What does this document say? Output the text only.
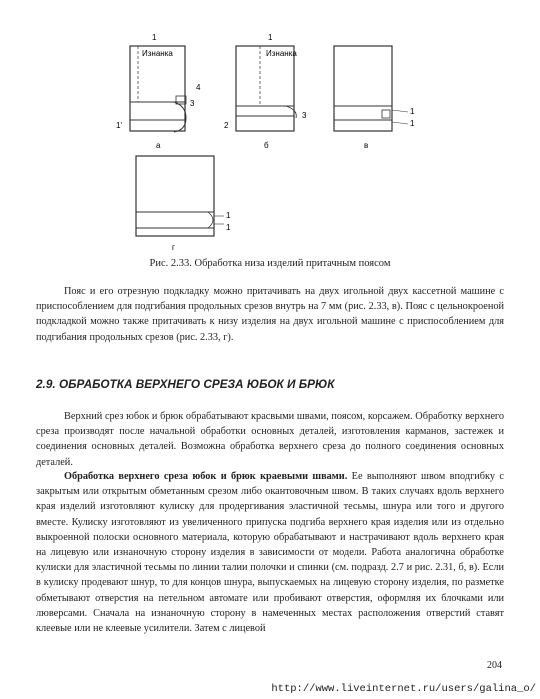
Изнанка
1
4
3
1'
а
Изнанка
1
2
3
б
1
1
в
1
1
г
Рис. 2.33. Обработка низа изделий притачным поясом
Пояс и его отрезную подкладку можно притачивать на двух игольной двух кассетной машине с приспособлением для подгибания продольных срезов внутрь на 7 мм (рис. 2.33, в). Пояс с цельнокроеной подкладкой можно также притачивать к низу изделия на двух игольной машине с приспособлением для подгибания продольных срезов (рис. 2.33, г).
2.9. ОБРАБОТКА ВЕРХНЕГО СРЕЗА ЮБОК И БРЮК
Верхний срез юбок и брюк обрабатывают красвыми швами, поясом, корсажем. Обработку верхнего среза производят после начальной обработки основных деталей, изготовления карманов, застежек и соединения основных деталей. Возможна обработка верхнего среза до полного соединения основных деталей.
Обработка верхнего среза юбок и брюк краевыми швами. Ее выполняют швом вподгибку с закрытым или открытым обметанным срезом либо окантовочным швом. В таких случаях вдоль верхнего края изделий изготовляют кулиску для продергивания эластичной тесьмы, шнура или того и другого вместе. Кулиску изготовляют из увеличенного припуска подгиба верхнего края изделия или из отдельно выкроенной полоски основного материала, которую обрабатывают и настрачивают вдоль верхнего края на лицевую или изнаночную сторону изделия в зависимости от модели. Работа аналогична обработке кулиски для эластичной тесьмы по линии талии полочки и спинки (см. подразд. 2.7 и рис. 2.31, б, в). Если в кулиску продевают шнур, то для концов шнура, выпускаемых на лицевую сторону изделия, по разметке обметывают отверстия на петельном автомате или пробивают отверстия, оформляя их блочками или люверсами. Сначала на изнаночную сторону в намеченных местах расположения отверстий ставят клеевые или не клеевые усилители. Затем с лицевой
204
http://www.liveinternet.ru/users/galina_o/
